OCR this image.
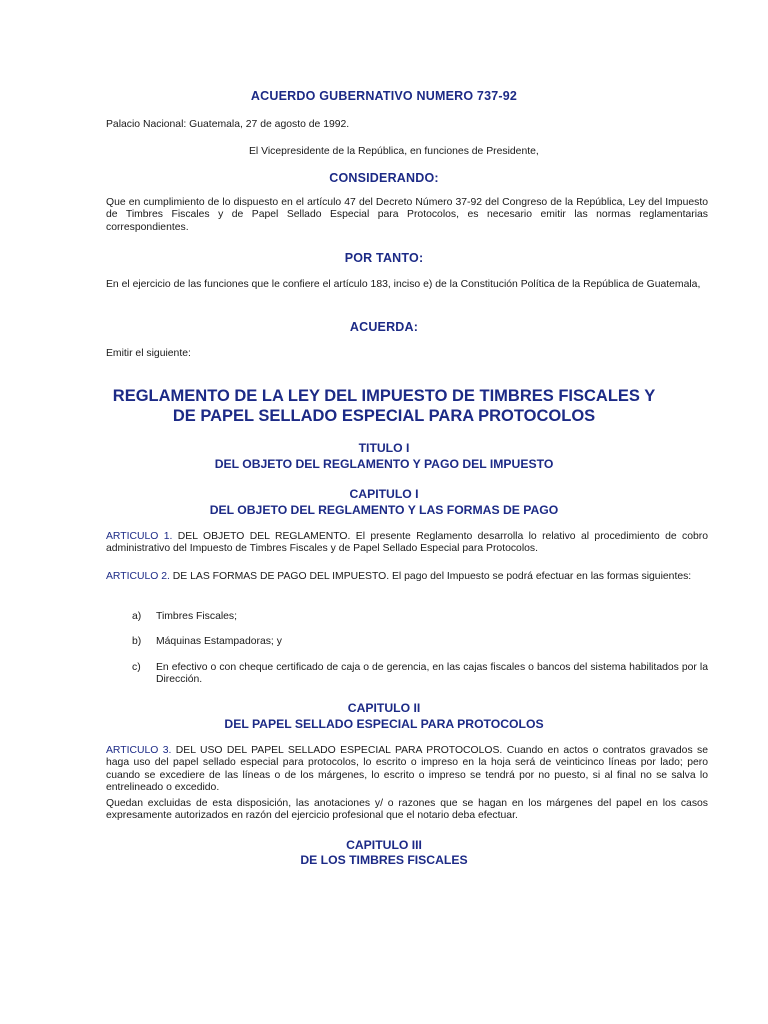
ACUERDO GUBERNATIVO NUMERO 737-92
Palacio Nacional: Guatemala, 27 de agosto de 1992.
El Vicepresidente de la República, en funciones de Presidente,
CONSIDERANDO:
Que en cumplimiento de lo dispuesto en el artículo 47 del Decreto Número 37-92 del Congreso de la República, Ley del Impuesto de Timbres Fiscales y de Papel Sellado Especial para Protocolos, es necesario emitir las normas reglamentarias correspondientes.
POR TANTO:
En el ejercicio de las funciones que le confiere el artículo 183, inciso e) de la Constitución Política de la República de Guatemala,
ACUERDA:
Emitir el siguiente:
REGLAMENTO DE LA LEY DEL IMPUESTO DE TIMBRES FISCALES Y
DE PAPEL SELLADO ESPECIAL PARA PROTOCOLOS
TITULO I
DEL OBJETO DEL REGLAMENTO Y PAGO DEL IMPUESTO
CAPITULO I
DEL OBJETO DEL REGLAMENTO Y LAS FORMAS DE PAGO
ARTICULO 1. DEL OBJETO DEL REGLAMENTO. El presente Reglamento desarrolla lo relativo al procedimiento de cobro administrativo del Impuesto de Timbres Fiscales y de Papel Sellado Especial para Protocolos.
ARTICULO 2. DE LAS FORMAS DE PAGO DEL IMPUESTO. El pago del Impuesto se podrá efectuar en las formas siguientes:
a) Timbres Fiscales;
b) Máquinas Estampadoras; y
c) En efectivo o con cheque certificado de caja o de gerencia, en las cajas fiscales o bancos del sistema habilitados por la Dirección.
CAPITULO II
DEL PAPEL SELLADO ESPECIAL PARA PROTOCOLOS
ARTICULO 3. DEL USO DEL PAPEL SELLADO ESPECIAL PARA PROTOCOLOS. Cuando en actos o contratos gravados se haga uso del papel sellado especial para protocolos, lo escrito o impreso en la hoja será de veinticinco líneas por lado; pero cuando se excediere de las líneas o de los márgenes, lo escrito o impreso se tendrá por no puesto, si al final no se salva lo entrelineado o excedido.
Quedan excluidas de esta disposición, las anotaciones y/ o razones que se hagan en los márgenes del papel en los casos expresamente autorizados en razón del ejercicio profesional que el notario deba efectuar.
CAPITULO III
DE LOS TIMBRES FISCALES
